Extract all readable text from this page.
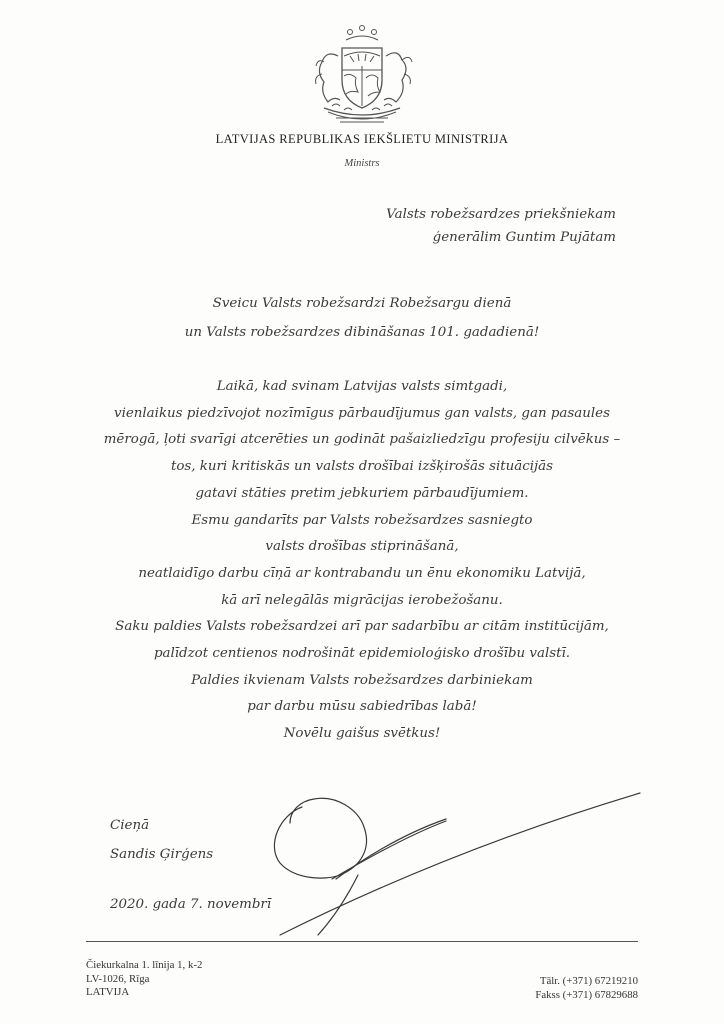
LATVIJAS REPUBLIKAS IEKŠLIETU MINISTRIJA
Ministrs
Valsts robežsardzes priekšniekam
ģenerālim Guntim Pujātam
Sveicu Valsts robežsardzi Robežsargu dienā
un Valsts robežsardzes dibināšanas 101. gadadienā!
Laikā, kad svinam Latvijas valsts simtgadi,
vienlaikus piedzīvojot nozīmīgus pārbaudījumus gan valsts, gan pasaules
mērogā, ļoti svarīgi atcerēties un godināt pašaizliedzīgu profesiju cilvēkus –
tos, kuri kritiskās un valsts drošībai izšķirošās situācijās
gatavi stāties pretim jebkuriem pārbaudījumiem.
Esmu gandarīts par Valsts robežsardzes sasniegto
valsts drošības stiprināšanā,
neatlaidīgo darbu cīņā ar kontrabandu un ēnu ekonomiku Latvijā,
kā arī nelegālās migrācijas ierobežošanu.
Saku paldies Valsts robežsardzei arī par sadarbību ar citām institūcijām,
palīdzot centienos nodrošināt epidemioloģisko drošību valstī.
Paldies ikvienam Valsts robežsardzes darbiniekam
par darbu mūsu sabiedrības labā!
Novēlu gaišus svētkus!
Cieņā
Sandis Ģirģens
2020. gada 7. novembrī
Čiekurkalna 1. līnija 1, k-2
LV-1026, Rīga
LATVIJA
Tālr. (+371) 67219210
Fakss (+371) 67829688
